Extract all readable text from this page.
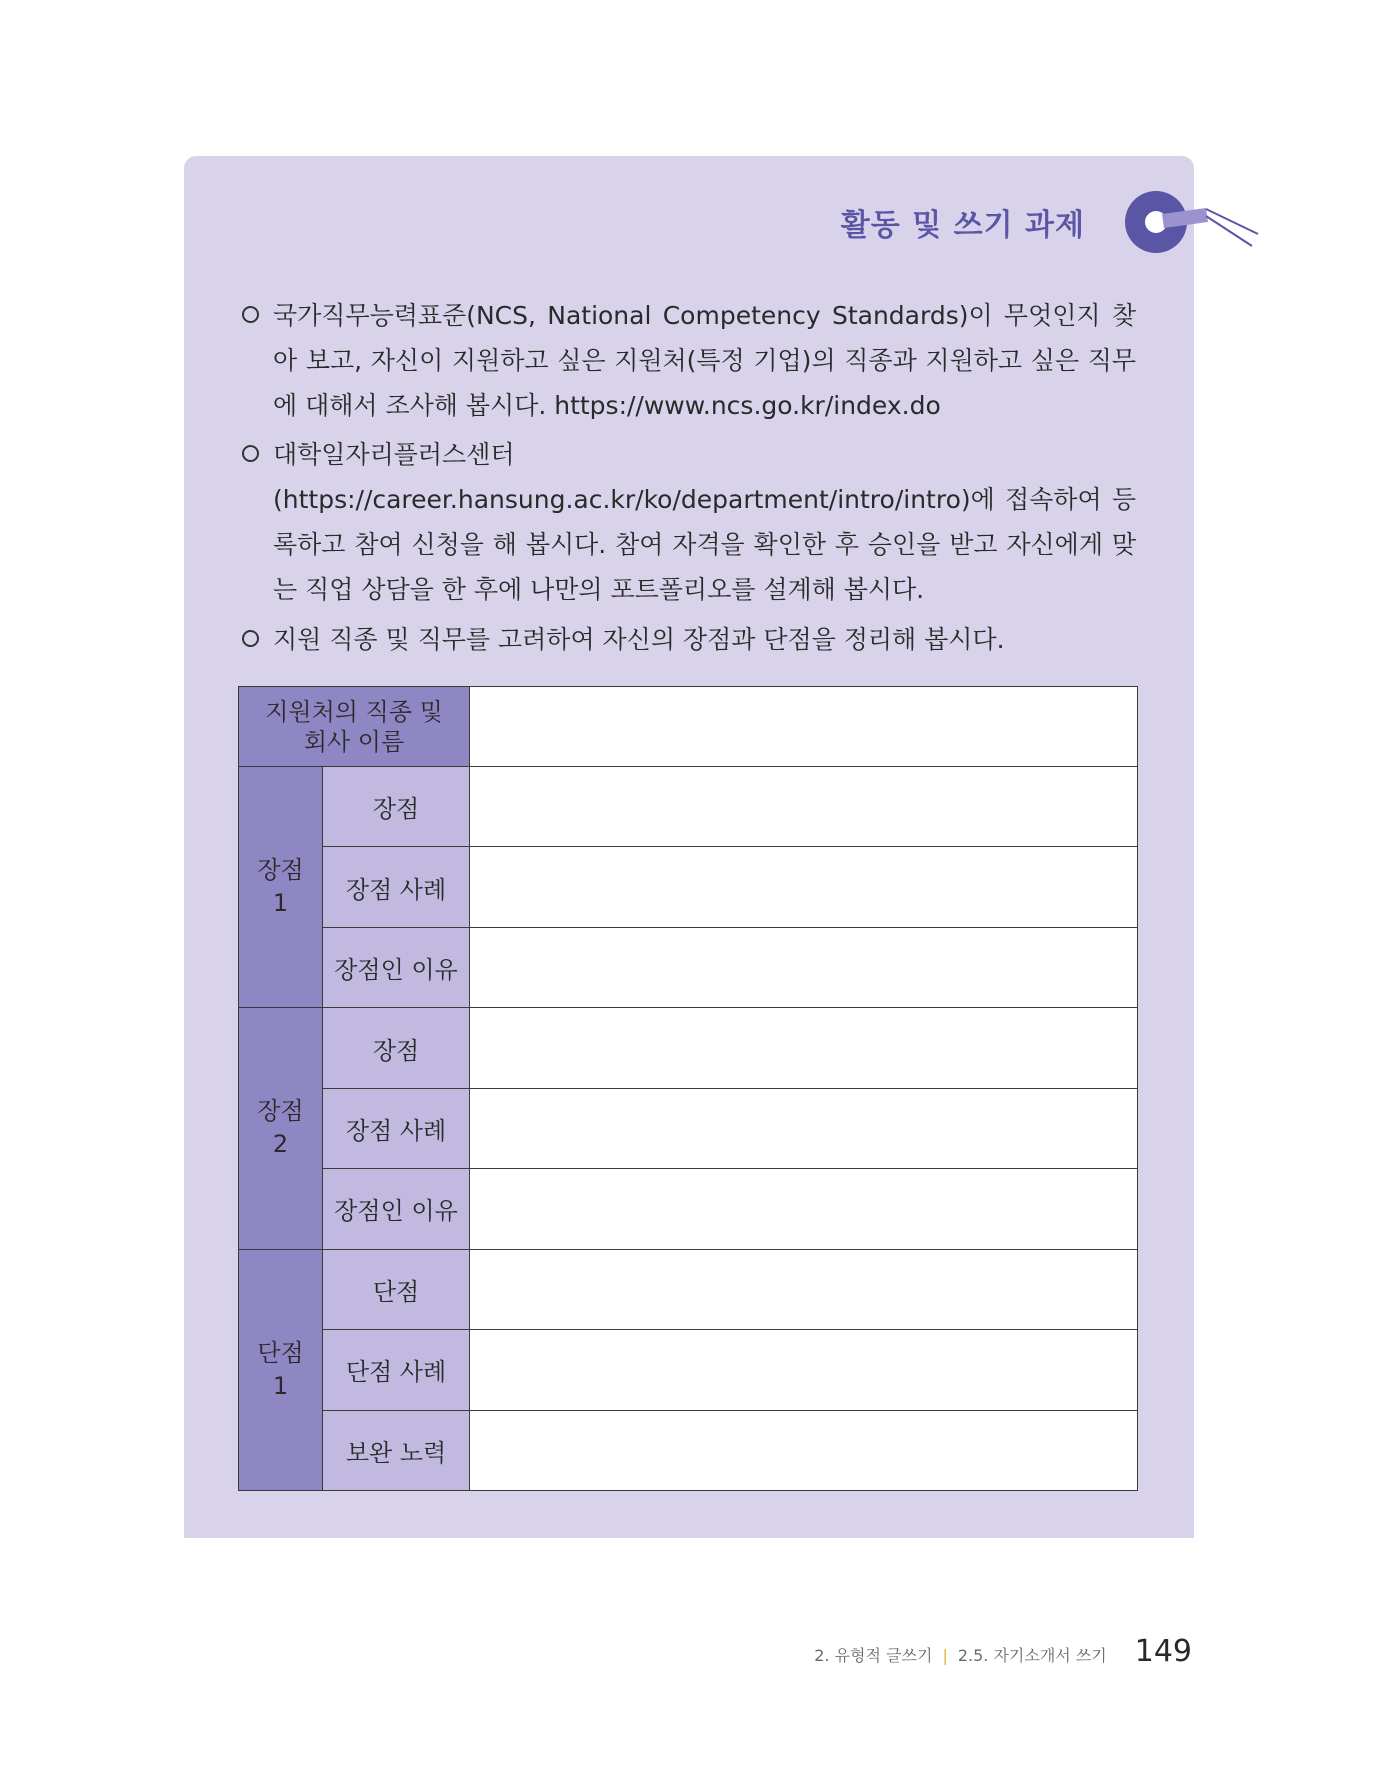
활동 및 쓰기 과제
국가직무능력표준(NCS, National Competency Standards)이 무엇인지 찾아 보고, 자신이 지원하고 싶은 지원처(특정 기업)의 직종과 지원하고 싶은 직무에 대해서 조사해 봅시다. https://www.ncs.go.kr/index.do
대학일자리플러스센터(https://career.hansung.ac.kr/ko/department/intro/intro)에 접속하여 등록하고 참여 신청을 해 봅시다. 참여 자격을 확인한 후 승인을 받고 자신에게 맞는 직업 상담을 한 후에 나만의 포트폴리오를 설계해 봅시다.
지원 직종 및 직무를 고려하여 자신의 장점과 단점을 정리해 봅시다.
지원처의 직종 및
회사 이름		

장점
1	장점	
	장점 사례	
	장점인 이유	

장점
2	장점	
	장점 사례	
	장점인 이유	

단점
1	단점	
	단점 사례	
	보완 노력	
2. 유형적 글쓰기 | 2.5. 자기소개서 쓰기 149
